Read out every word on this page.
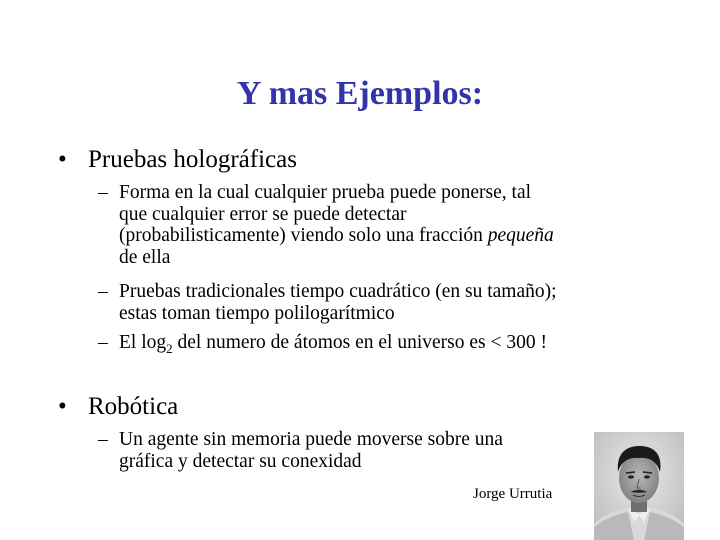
Y mas Ejemplos:
• Pruebas holográficas
– Forma en la cual cualquier prueba puede ponerse, tal
que cualquier error se puede detectar
(probabilisticamente) viendo solo una fracción pequeña
de ella
– Pruebas tradicionales tiempo cuadrático (en su tamaño);
estas toman tiempo polilogarítmico
– El $\log_2$ del numero de átomos en el universo es < 300 !
• Robótica
– Un agente sin memoria puede moverse sobre una
gráfica y detectar su conexidad
Jorge Urrutia
